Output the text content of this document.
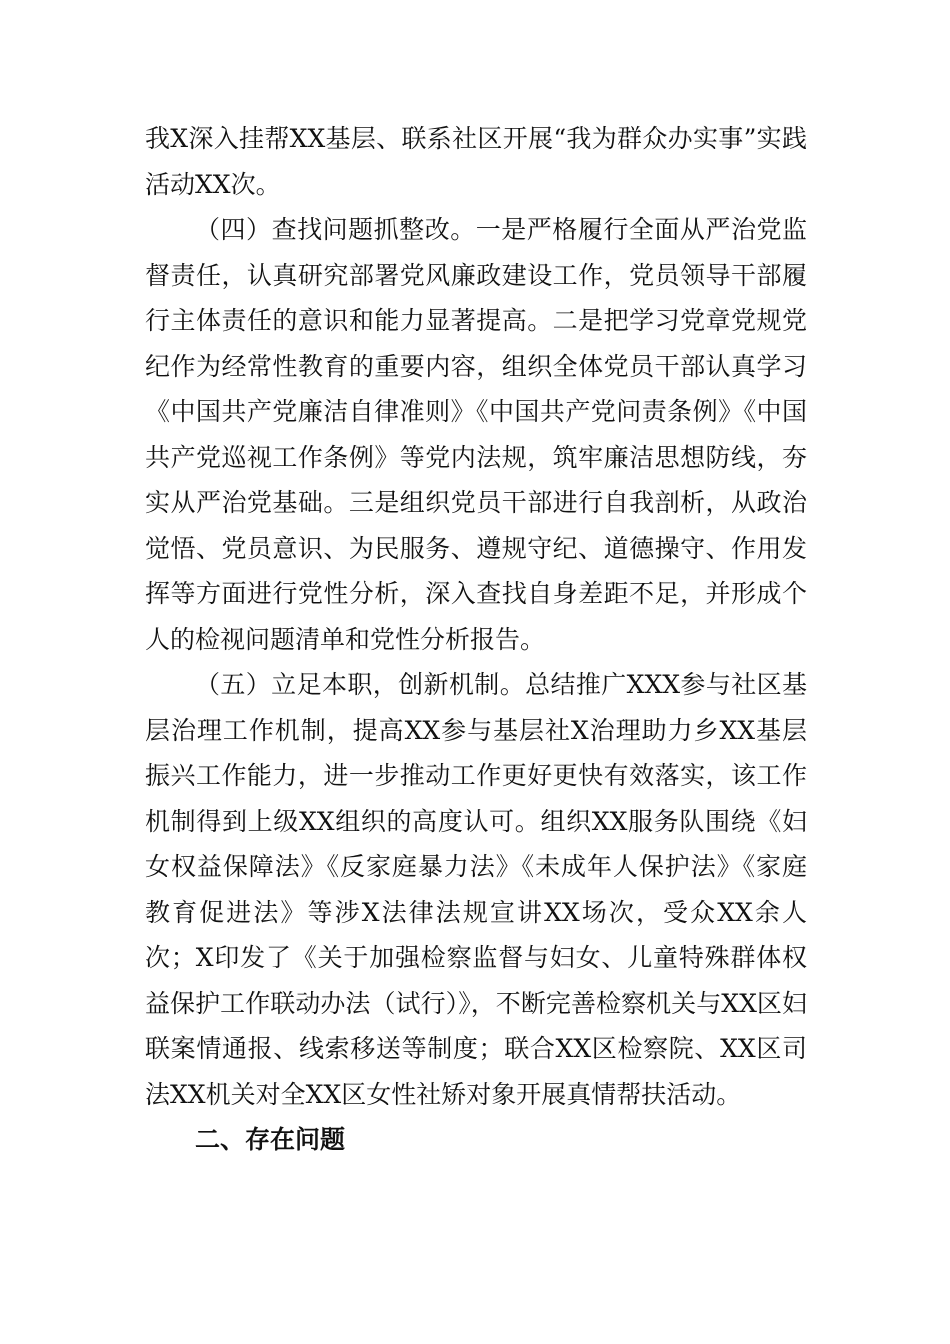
我X深入挂帮XX基层、联系社区开展“我为群众办实事”实践活动XX次。

（四）查找问题抓整改。一是严格履行全面从严治党监督责任，认真研究部署党风廉政建设工作，党员领导干部履行主体责任的意识和能力显著提高。二是把学习党章党规党纪作为经常性教育的重要内容，组织全体党员干部认真学习《中国共产党廉洁自律准则》《中国共产党问责条例》《中国共产党巡视工作条例》等党内法规，筑牢廉洁思想防线，夯实从严治党基础。三是组织党员干部进行自我剖析，从政治觉悟、党员意识、为民服务、遵规守纪、道德操守、作用发挥等方面进行党性分析，深入查找自身差距不足，并形成个人的检视问题清单和党性分析报告。

（五）立足本职，创新机制。总结推广XXX参与社区基层治理工作机制，提高XX参与基层社X治理助力乡XX基层振兴工作能力，进一步推动工作更好更快有效落实，该工作机制得到上级XX组织的高度认可。组织XX服务队围绕《妇女权益保障法》《反家庭暴力法》《未成年人保护法》《家庭教育促进法》等涉X法律法规宣讲XX场次，受众XX余人次；X印发了《关于加强检察监督与妇女、儿童特殊群体权益保护工作联动办法（试行）》，不断完善检察机关与XX区妇联案情通报、线索移送等制度；联合XX区检察院、XX区司法XX机关对全XX区女性社矫对象开展真情帮扶活动。

二、存在问题
